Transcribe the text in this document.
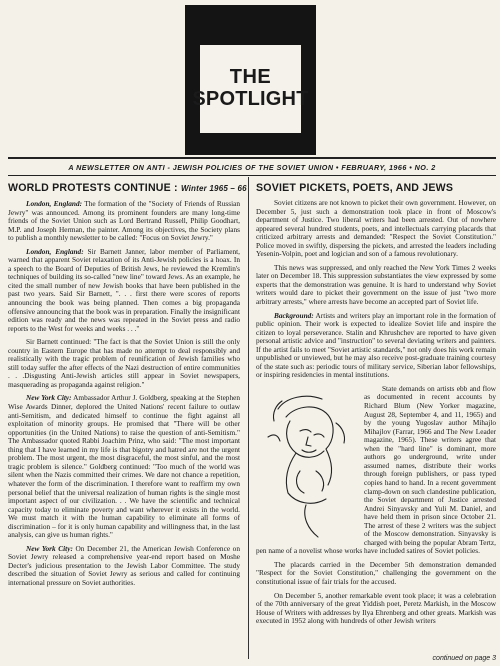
THE
SPOTLIGHT
A NEWSLETTER ON ANTI - JEWISH POLICIES OF THE SOVIET UNION • FEBRUARY, 1966 • NO. 2
WORLD PROTESTS CONTINUE : Winter 1965 – 66

London, England: The formation of the "Society of Friends of Russian Jewry" was announced. Among its prominent founders are many long-time friends of the Soviet Union such as Lord Bertrand Russell, Philip Goodhart, M.P. and Joseph Herman, the painter. Among its objectives, the Society plans to publish a monthly newsletter to be called: "Focus on Soviet Jewry."

London, England: Sir Barnett Janner, labor member of Parliament, warned that apparent Soviet relaxation of its Anti-Jewish policies is a hoax. In a speech to the Board of Deputies of British Jews, he reviewed the Kremlin's techniques of building its so-called "new line" toward Jews. As an example, he cited the small number of new Jewish books that have been published in the past two years. Said Sir Barnett, ". . . first there were scores of reports announcing the book was being planned. Then comes a big propaganda offensive announcing that the book was in preparation. Finally the insignificant edition was ready and the news was repeated in the Soviet press and radio reports to the West for weeks and weeks . . ."

Sir Barnett continued: "The fact is that the Soviet Union is still the only country in Eastern Europe that has made no attempt to deal responsibly and realistically with the tragic problem of reunification of Jewish families who still today suffer the after effects of the Nazi destruction of entire communities . . .Disgusting Anti-Jewish articles still appear in Soviet newspapers, masquerading as propaganda against religion."

New York City: Ambassador Arthur J. Goldberg, speaking at the Stephen Wise Awards Dinner, deplored the United Nations' recent failure to outlaw anti-Semitism, and dedicated himself to continue the fight against all exploitation of minority groups. He promised that "There will be other opportunities (in the United Nations) to raise the question of anti-Semitism." The Ambassador quoted Rabbi Joachim Prinz, who said: "The most important thing that I have learned in my life is that bigotry and hatred are not the urgent problem. The most urgent, the most disgraceful, the most sinful, and the most tragic problem is silence." Goldberg continued: "Too much of the world was silent when the Nazis committed their crimes. We dare not chance a repetition, whatever the form of the discrimination. I therefore want to reaffirm my own personal belief that the universal realization of human rights is the single most important aspect of our civilization. . . We have the scientific and technical capacity today to eliminate poverty and want wherever it exists in the world. We must match it with the human capability to eliminate all forms of discrimination – for it is only human capability and willingness that, in the last analysis, can give us human rights."

New York City: On December 21, the American Jewish Conference on Soviet Jewry released a comprehensive year-end report based on Moshe Decter's judicious presentation to the Jewish Labor Committee. The study described the situation of Soviet Jewry as serious and called for continuing international pressure on Soviet authorities.

SOVIET PICKETS, POETS, AND JEWS

Soviet citizens are not known to picket their own government. However, on December 5, just such a demonstration took place in front of Moscow's department of Justice. Two liberal writers had been arrested. Out of nowhere appeared several hundred students, poets, and intellectuals carrying placards that criticized arbitrary arrests and demanded: "Respect the Soviet Constitution." Police moved in swiftly, dispersing the pickets, and arrested the leaders including Yesenin-Volpin, poet and logician and son of a famous revolutionary.

This news was suppressed, and only reached the New York Times 2 weeks later on December 18. This suppression substantiates the view expressed by some experts that the demonstration was genuine. It is hard to understand why Soviet writers would dare to picket their government on the issue of just "two more arbitrary arrests," where arrests have become an accepted part of Soviet life.

Background: Artists and writers play an important role in the formation of public opinion. Their work is expected to idealize Soviet life and inspire the citizen to loyal perseverance. Stalin and Khrushchev are reported to have given personal artistic advice and "instruction" to several deviating writers and painters. If the artist fails to meet "Soviet artistic standards," not only does his work remain unpublished or unviewed, but he may also receive post-graduate training courtesy of the state such as: periodic tours of military service, Siberian labor fellowships, or inspiring residencies in mental institutions.

State demands on artists ebb and flow as documented in recent accounts by Richard Blum (New Yorker magazine, August 28, September 4, and 11, 1965) and by the young Yugoslav author Mihajlo Mihajlov (Farrar, 1966 and The New Leader magazine, 1965). These writers agree that when the "hard line" is dominant, more authors go underground, write under assumed names, distribute their works through foreign publishers, or pass typed copies hand to hand. In a recent government clamp-down on such clandestine publication, the Soviet department of Justice arrested Andrei Sinyavsky and Yuli M. Daniel, and have held them in prison since October 21. The arrest of these 2 writers was the subject of the Moscow demonstration. Sinyavsky is charged with being the popular Abram Tertz, pen name of a novelist whose works have included satires of Soviet policies.

The placards carried in the December 5th demonstration demanded "Respect for the Soviet Constitution," challenging the government on the constitutional issue of fair trials for the accused.

On December 5, another remarkable event took place; it was a celebration of the 70th anniversary of the great Yiddish poet, Peretz Markish, in the Moscow House of Writers with addresses by Ilya Ehrenberg and other greats. Markish was executed in 1952 along with hundreds of other Jewish writers

continued on page 3
